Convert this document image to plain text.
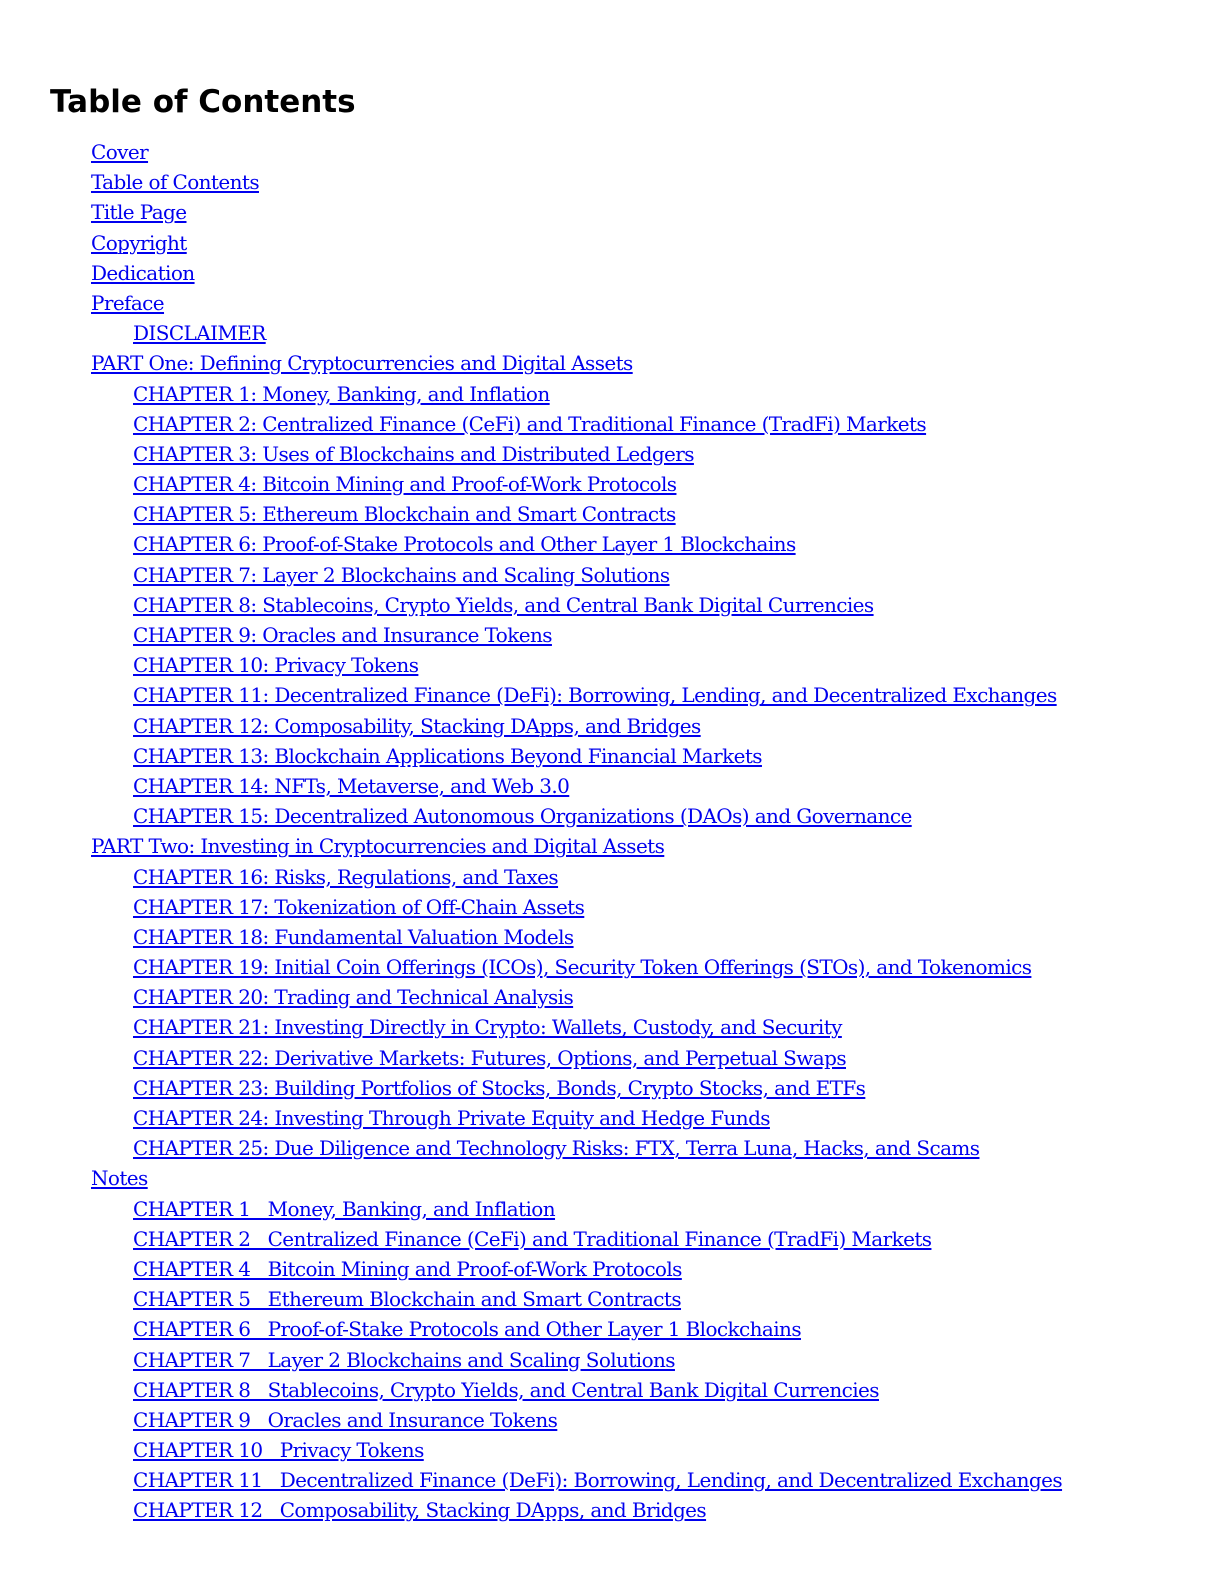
Table of Contents
Cover
Table of Contents
Title Page
Copyright
Dedication
Preface
DISCLAIMER
PART One: Defining Cryptocurrencies and Digital Assets
CHAPTER 1: Money, Banking, and Inflation
CHAPTER 2: Centralized Finance (CeFi) and Traditional Finance (TradFi) Markets
CHAPTER 3: Uses of Blockchains and Distributed Ledgers
CHAPTER 4: Bitcoin Mining and Proof-of-Work Protocols
CHAPTER 5: Ethereum Blockchain and Smart Contracts
CHAPTER 6: Proof-of-Stake Protocols and Other Layer 1 Blockchains
CHAPTER 7: Layer 2 Blockchains and Scaling Solutions
CHAPTER 8: Stablecoins, Crypto Yields, and Central Bank Digital Currencies
CHAPTER 9: Oracles and Insurance Tokens
CHAPTER 10: Privacy Tokens
CHAPTER 11: Decentralized Finance (DeFi): Borrowing, Lending, and Decentralized Exchanges
CHAPTER 12: Composability, Stacking DApps, and Bridges
CHAPTER 13: Blockchain Applications Beyond Financial Markets
CHAPTER 14: NFTs, Metaverse, and Web 3.0
CHAPTER 15: Decentralized Autonomous Organizations (DAOs) and Governance
PART Two: Investing in Cryptocurrencies and Digital Assets
CHAPTER 16: Risks, Regulations, and Taxes
CHAPTER 17: Tokenization of Off-Chain Assets
CHAPTER 18: Fundamental Valuation Models
CHAPTER 19: Initial Coin Offerings (ICOs), Security Token Offerings (STOs), and Tokenomics
CHAPTER 20: Trading and Technical Analysis
CHAPTER 21: Investing Directly in Crypto: Wallets, Custody, and Security
CHAPTER 22: Derivative Markets: Futures, Options, and Perpetual Swaps
CHAPTER 23: Building Portfolios of Stocks, Bonds, Crypto Stocks, and ETFs
CHAPTER 24: Investing Through Private Equity and Hedge Funds
CHAPTER 25: Due Diligence and Technology Risks: FTX, Terra Luna, Hacks, and Scams
Notes
CHAPTER 1   Money, Banking, and Inflation
CHAPTER 2   Centralized Finance (CeFi) and Traditional Finance (TradFi) Markets
CHAPTER 4   Bitcoin Mining and Proof-of-Work Protocols
CHAPTER 5   Ethereum Blockchain and Smart Contracts
CHAPTER 6   Proof-of-Stake Protocols and Other Layer 1 Blockchains
CHAPTER 7   Layer 2 Blockchains and Scaling Solutions
CHAPTER 8   Stablecoins, Crypto Yields, and Central Bank Digital Currencies
CHAPTER 9   Oracles and Insurance Tokens
CHAPTER 10   Privacy Tokens
CHAPTER 11   Decentralized Finance (DeFi): Borrowing, Lending, and Decentralized Exchanges
CHAPTER 12   Composability, Stacking DApps, and Bridges
